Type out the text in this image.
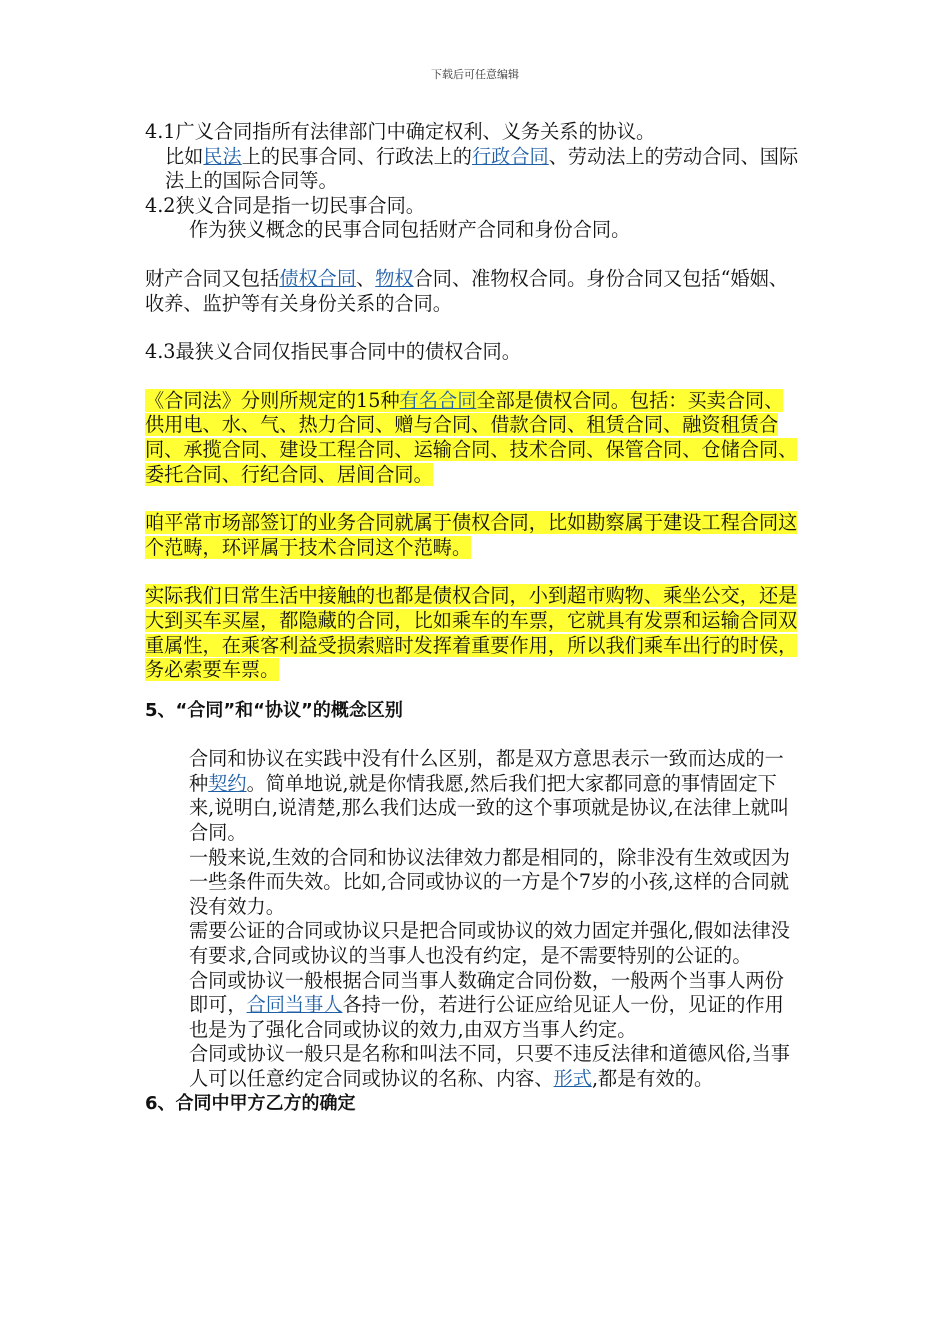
下载后可任意编辑

4.1广义合同指所有法律部门中确定权利、义务关系的协议。

比如民法上的民事合同、行政法上的行政合同、劳动法上的劳动合同、国际法上的国际合同等。

4.2狭义合同是指一切民事合同。

作为狭义概念的民事合同包括财产合同和身份合同。

财产合同又包括债权合同、物权合同、准物权合同。身份合同又包括“婚姻、收养、监护等有关身份关系的合同。

4.3最狭义合同仅指民事合同中的债权合同。

《合同法》分则所规定的15种有名合同全部是债权合同。包括：买卖合同、供用电、水、气、热力合同、赠与合同、借款合同、租赁合同、融资租赁合同、承揽合同、建设工程合同、运输合同、技术合同、保管合同、仓储合同、委托合同、行纪合同、居间合同。

咱平常市场部签订的业务合同就属于债权合同，比如勘察属于建设工程合同这个范畴，环评属于技术合同这个范畴。

实际我们日常生活中接触的也都是债权合同，小到超市购物、乘坐公交，还是大到买车买屋，都隐藏的合同，比如乘车的车票，它就具有发票和运输合同双重属性，在乘客利益受损索赔时发挥着重要作用，所以我们乘车出行的时侯，务必索要车票。

5、“合同”和“协议”的概念区别

合同和协议在实践中没有什么区别，都是双方意思表示一致而达成的一种契约。简单地说,就是你情我愿,然后我们把大家都同意的事情固定下来,说明白,说清楚,那么我们达成一致的这个事项就是协议,在法律上就叫合同。

一般来说,生效的合同和协议法律效力都是相同的，除非没有生效或因为一些条件而失效。比如,合同或协议的一方是个7岁的小孩,这样的合同就没有效力。

需要公证的合同或协议只是把合同或协议的效力固定并强化,假如法律没有要求,合同或协议的当事人也没有约定，是不需要特别的公证的。

合同或协议一般根据合同当事人数确定合同份数，一般两个当事人两份即可，合同当事人各持一份，若进行公证应给见证人一份，见证的作用也是为了强化合同或协议的效力,由双方当事人约定。

合同或协议一般只是名称和叫法不同，只要不违反法律和道德风俗,当事人可以任意约定合同或协议的名称、内容、形式,都是有效的。

6、合同中甲方乙方的确定
